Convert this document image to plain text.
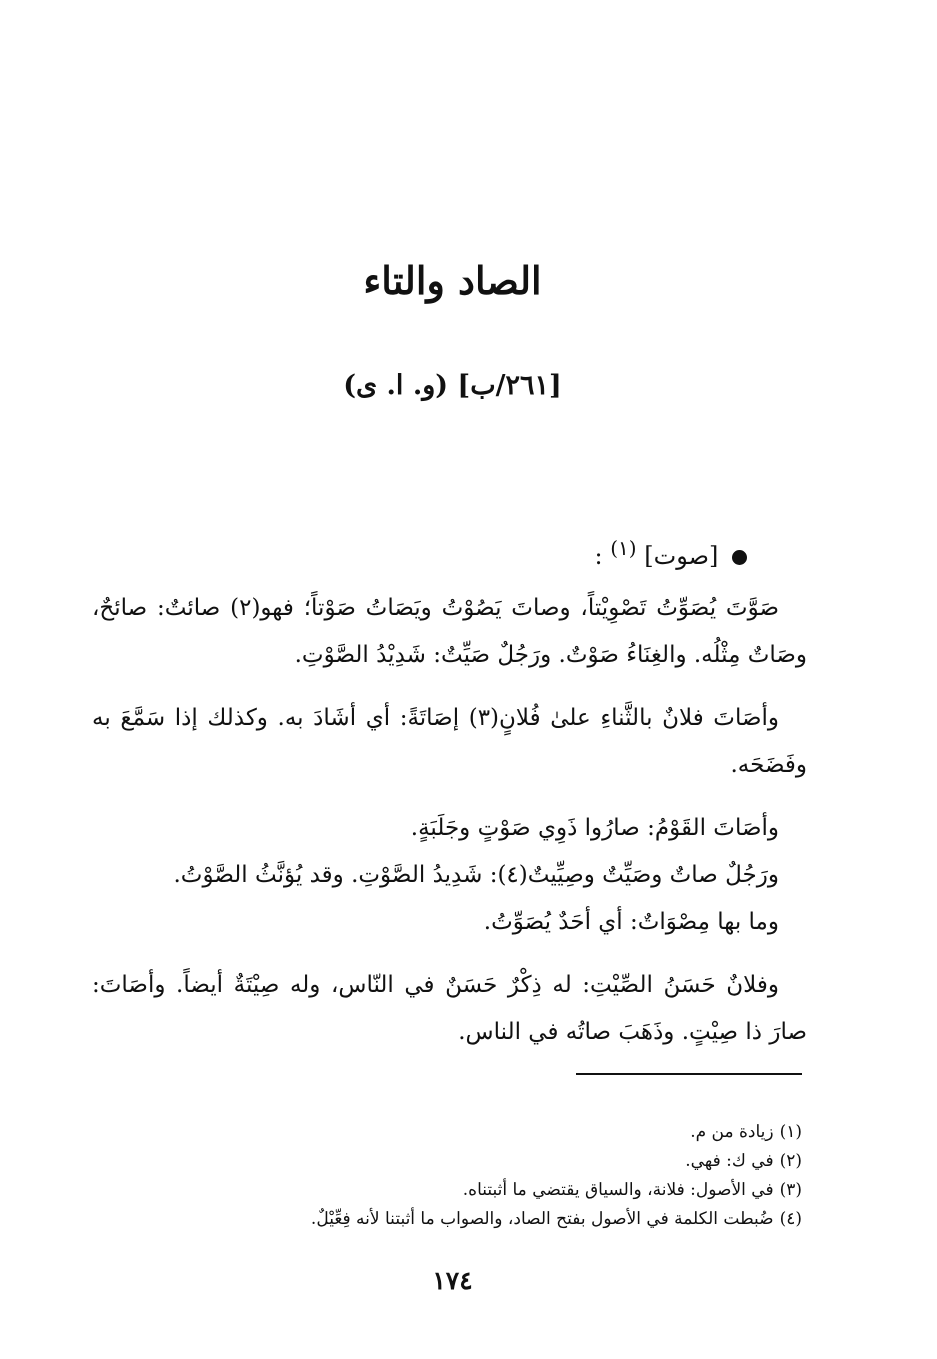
الصاد والتاء
[٢٦١/ب] (و. ا. ى)
[صوت] $^{(١)}$ :

صَوَّتَ يُصَوِّتُ تَصْوِيْتاً، وصاتَ يَصُوْتُ ويَصَاتُ صَوْتاً؛ فهو(٢) صائتٌ: صائحٌ، وصَاتٌ مِثْلُه. والغِنَاءُ صَوْتٌ. ورَجُلٌ صَيِّتٌ: شَدِيْدُ الصَّوْتِ.

وأصَاتَ فلانٌ بالثَّناءِ علىٰ فُلانٍ(٣) إصَاتَةً: أي أشَادَ به. وكذلك إذا سَمَّعَ به وفَضَحَه.

وأصَاتَ القَوْمُ: صارُوا ذَوِي صَوْتٍ وجَلَبَةٍ.

ورَجُلٌ صاتٌ وصَيِّتٌ وصِيِّيتٌ(٤): شَدِيدُ الصَّوْتِ. وقد يُؤنَّثُ الصَّوْتُ.

وما بها مِصْوَاتٌ: أي أحَدٌ يُصَوِّتُ.

وفلانٌ حَسَنُ الصِّيْتِ: له ذِكْرٌ حَسَنٌ في النّاس، وله صِيْتَةٌ أيضاً. وأصَاتَ: صارَ ذا صِيْتٍ. وذَهَبَ صاتُه في الناس.

(١)زيادة من م.
(٢)في ك: فهي.
(٣)في الأصول: فلانة، والسياق يقتضي ما أثبتناه.
(٤)ضُبطت الكلمة في الأصول بفتح الصاد، والصواب ما أثبتنا لأنه فِعِّيْلٌ.
١٧٤
